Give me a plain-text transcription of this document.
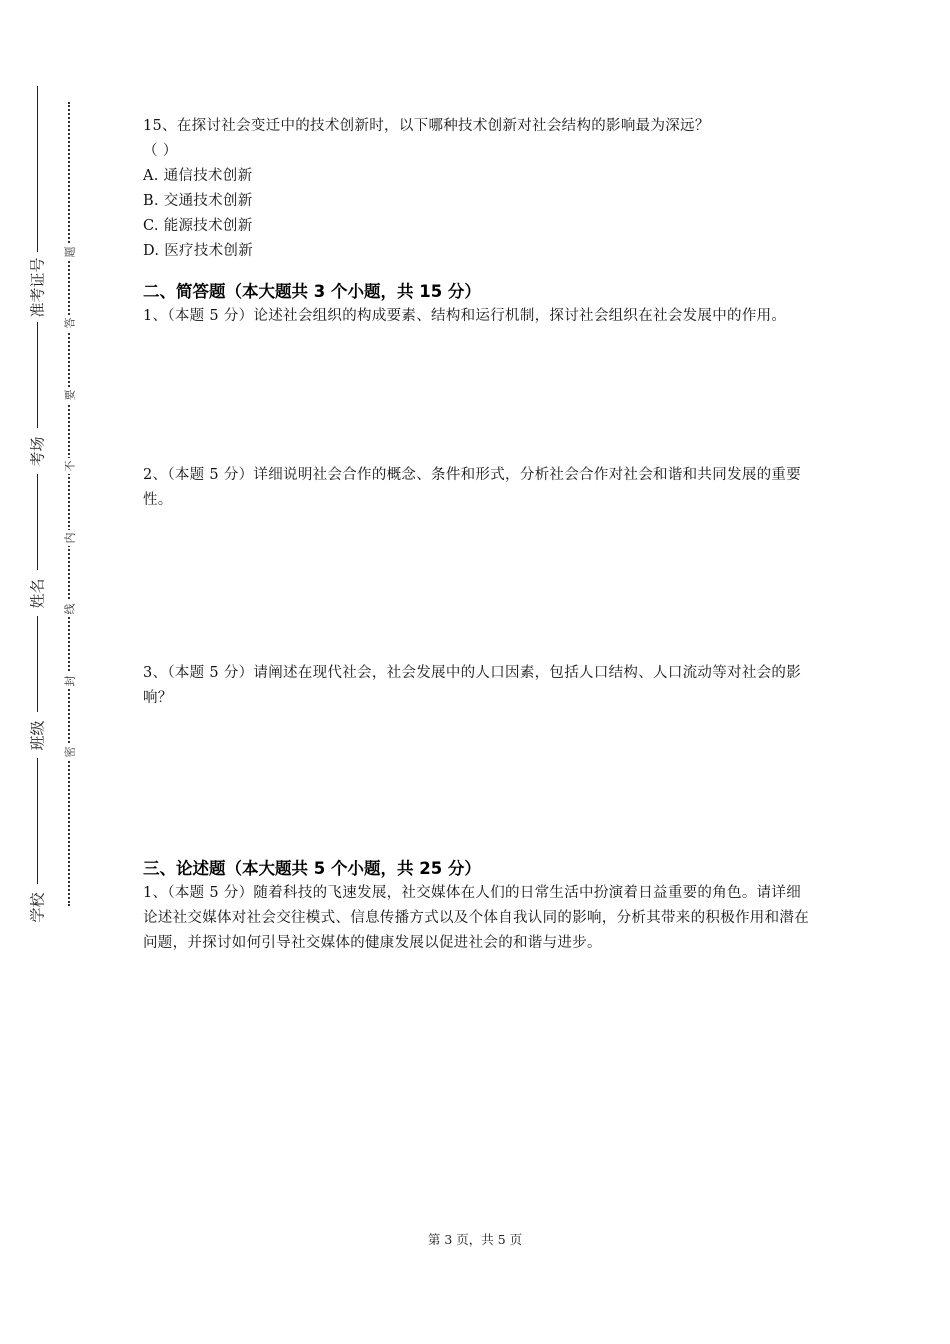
准考证号
考场
姓名
班级
学校
题
答
要
不
内
线
封
密

15、在探讨社会变迁中的技术创新时，以下哪种技术创新对社会结构的影响最为深远？

（ ）

A. 通信技术创新

B. 交通技术创新

C. 能源技术创新

D. 医疗技术创新

二、简答题（本大题共 3 个小题，共 15 分）

1、（本题 5 分）论述社会组织的构成要素、结构和运行机制，探讨社会组织在社会发展中的作用。

2、（本题 5 分）详细说明社会合作的概念、条件和形式，分析社会合作对社会和谐和共同发展的重要性。

3、（本题 5 分）请阐述在现代社会，社会发展中的人口因素，包括人口结构、人口流动等对社会的影响？

三、论述题（本大题共 5 个小题，共 25 分）

1、（本题 5 分）随着科技的飞速发展，社交媒体在人们的日常生活中扮演着日益重要的角色。请详细论述社交媒体对社会交往模式、信息传播方式以及个体自我认同的影响，分析其带来的积极作用和潜在问题，并探讨如何引导社交媒体的健康发展以促进社会的和谐与进步。

第 3 页，共 5 页
